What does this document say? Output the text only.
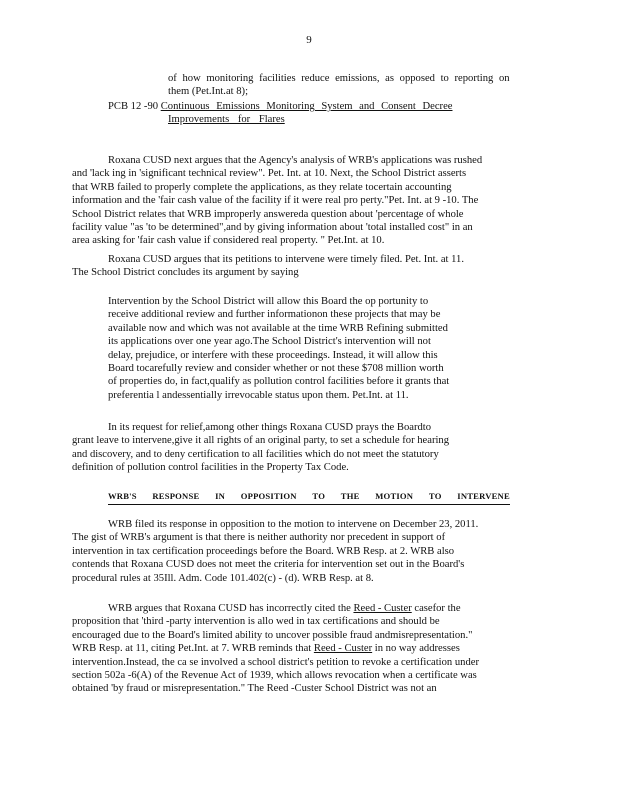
9
of how monitoring facilities reduce emissions, as opposed to reporting on
them (Pet.Int.at 8);
PCB 12 -90 Continuous Emissions Monitoring System and Consent Decree
Improvements for Flares
Roxana CUSD next argues that the Agency's analysis of WRB's applications was rushed
and 'lack ing in 'significant technical review". Pet. Int. at 10. Next, the School District asserts
that WRB failed to properly complete the applications, as they relate tocertain accounting
information and the 'fair cash value of the facility if it were real pro perty."Pet. Int. at 9 -10. The
School District relates that WRB improperly answereda question about 'percentage of whole
facility value "as 'to be determined",and by giving information about 'total installed cost" in an
area asking for 'fair cash value if considered real property. " Pet.Int. at 10.
Roxana CUSD argues that its petitions to intervene were timely filed. Pet. Int. at 11.
The School District concludes its argument by saying
Intervention by the School District will allow this Board the op portunity to
receive additional review and further informationon these projects that may be
available now and which was not available at the time WRB Refining submitted
its applications over one year ago.The School District's intervention will not
delay, prejudice, or interfere with these proceedings. Instead, it will allow this
Board tocarefully review and consider whether or not these $708 million worth
of properties do, in fact,qualify as pollution control facilities before it grants that
preferentia l andessentially irrevocable status upon them. Pet.Int. at 11.
In its request for relief,among other things Roxana CUSD prays the Boardto
grant leave to intervene,give it all rights of an original party, to set a schedule for hearing
and discovery, and to deny certification to all facilities which do not meet the statutory
definition of pollution control facilities in the Property Tax Code.
WRB'S RESPONSE IN OPPOSITION TO THE MOTION TO INTERVENE
WRB filed its response in opposition to the motion to intervene on December 23, 2011.
The gist of WRB's argument is that there is neither authority nor precedent in support of
intervention in tax certification proceedings before the Board. WRB Resp. at 2. WRB also
contends that Roxana CUSD does not meet the criteria for intervention set out in the Board's
procedural rules at 35Ill. Adm. Code 101.402(c) - (d). WRB Resp. at 8.
WRB argues that Roxana CUSD has incorrectly cited the Reed - Custer casefor the
proposition that 'third -party intervention is allo wed in tax certifications and should be
encouraged due to the Board's limited ability to uncover possible fraud andmisrepresentation."
WRB Resp. at 11, citing Pet.Int. at 7. WRB reminds that Reed - Custer in no way addresses
intervention.Instead, the ca se involved a school district's petition to revoke a certification under
section 502a -6(A) of the Revenue Act of 1939, which allows revocation when a certificate was
obtained 'by fraud or misrepresentation." The Reed -Custer School District was not an
